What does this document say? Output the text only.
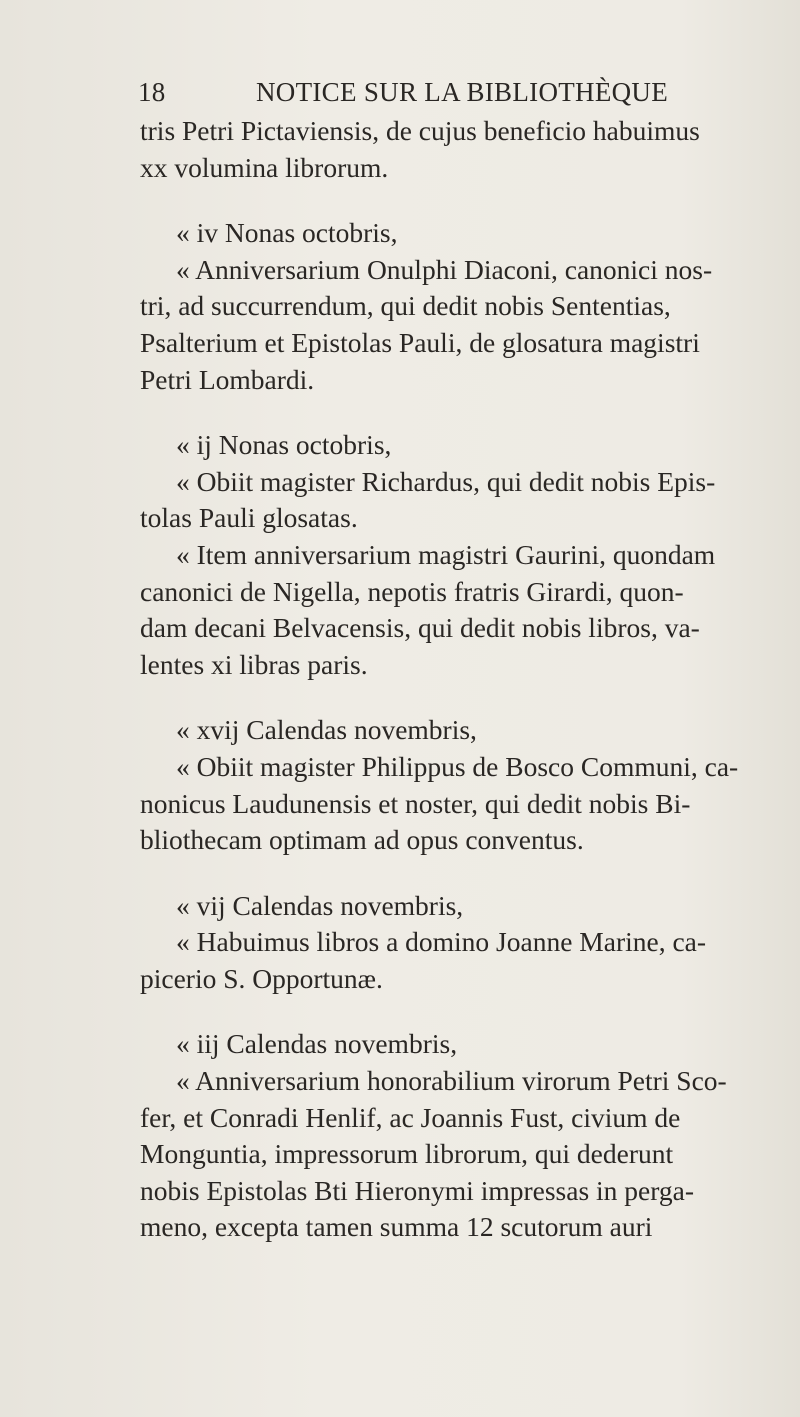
18	NOTICE SUR LA BIBLIOTHÈQUE
tris Petri Pictaviensis, de cujus beneficio habuimus
xx volumina librorum.
« iv Nonas octobris,
« Anniversarium Onulphi Diaconi, canonici nos-
tri, ad succurrendum, qui dedit nobis Sententias,
Psalterium et Epistolas Pauli, de glosatura magistri
Petri Lombardi.
« ij Nonas octobris,
« Obiit magister Richardus, qui dedit nobis Epis-
tolas Pauli glosatas.
« Item anniversarium magistri Gaurini, quondam
canonici de Nigella, nepotis fratris Girardi, quon-
dam decani Belvacensis, qui dedit nobis libros, va-
lentes xi libras paris.
« xvij Calendas novembris,
« Obiit magister Philippus de Bosco Communi, ca-
nonicus Laudunensis et noster, qui dedit nobis Bi-
bliothecam optimam ad opus conventus.
« vij Calendas novembris,
« Habuimus libros a domino Joanne Marine, ca-
picerio S. Opportunæ.
« iij Calendas novembris,
« Anniversarium honorabilium virorum Petri Sco-
fer, et Conradi Henlif, ac Joannis Fust, civium de
Monguntia, impressorum librorum, qui dederunt
nobis Epistolas Bti Hieronymi impressas in perga-
meno, excepta tamen summa 12 scutorum auri
